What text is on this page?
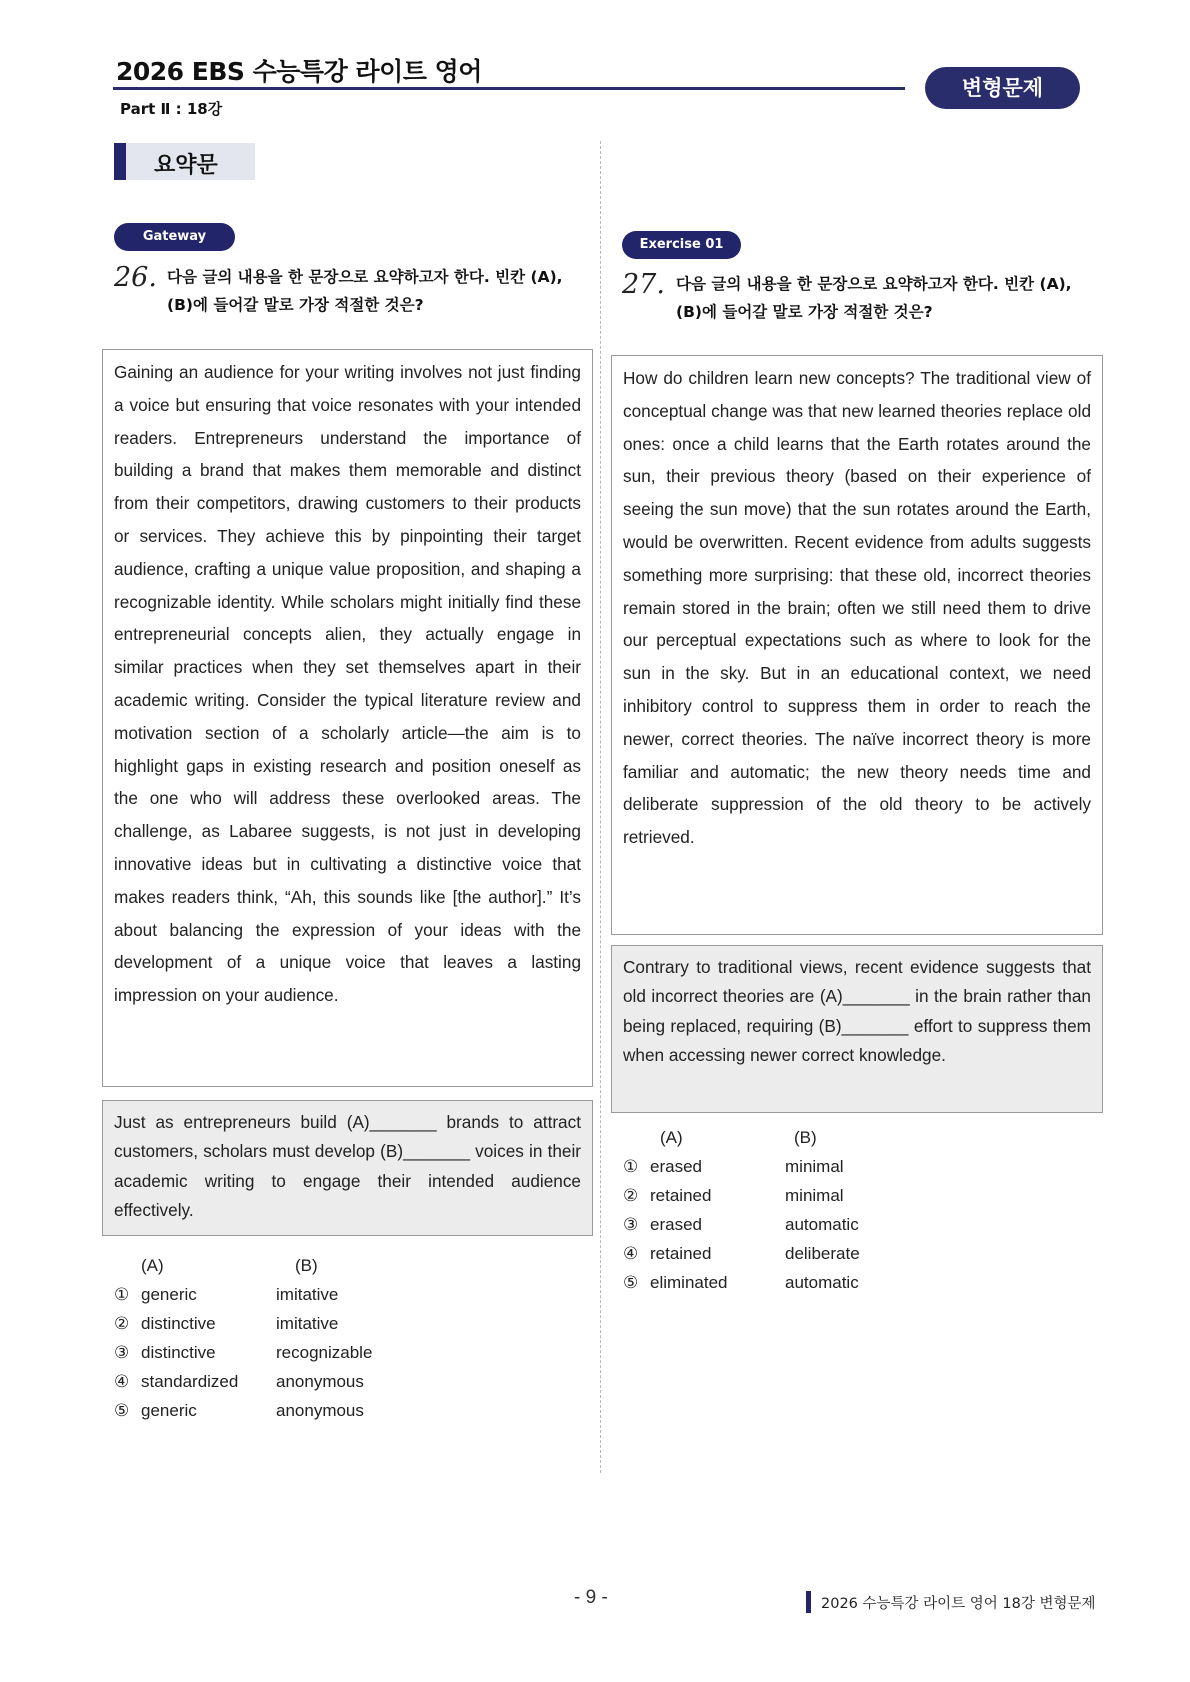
2026 EBS 수능특강 라이트 영어
변형문제
Part Ⅱ : 18강
요약문
Gateway
26. 다음 글의 내용을 한 문장으로 요약하고자 한다. 빈칸 (A),
(B)에 들어갈 말로 가장 적절한 것은?
Gaining an audience for your writing involves not just finding a voice but ensuring that voice resonates with your intended readers. Entrepreneurs understand the importance of building a brand that makes them memorable and distinct from their competitors, drawing customers to their products or services. They achieve this by pinpointing their target audience, crafting a unique value proposition, and shaping a recognizable identity. While scholars might initially find these entrepreneurial concepts alien, they actually engage in similar practices when they set themselves apart in their academic writing. Consider the typical literature review and motivation section of a scholarly article—the aim is to highlight gaps in existing research and position oneself as the one who will address these overlooked areas. The challenge, as Labaree suggests, is not just in developing innovative ideas but in cultivating a distinctive voice that makes readers think, “Ah, this sounds like [the author].” It’s about balancing the expression of your ideas with the development of a unique voice that leaves a lasting impression on your audience.
Just as entrepreneurs build (A)_______ brands to attract customers, scholars must develop (B)_______ voices in their academic writing to engage their intended audience effectively.
(A)	(B)
① generic	imitative
② distinctive	imitative
③ distinctive	recognizable
④ standardized anonymous
⑤ generic	anonymous
Exercise 01
27. 다음 글의 내용을 한 문장으로 요약하고자 한다. 빈칸 (A),
(B)에 들어갈 말로 가장 적절한 것은?
How do children learn new concepts? The traditional view of conceptual change was that new learned theories replace old ones: once a child learns that the Earth rotates around the sun, their previous theory (based on their experience of seeing the sun move) that the sun rotates around the Earth, would be overwritten. Recent evidence from adults suggests something more surprising: that these old, incorrect theories remain stored in the brain; often we still need them to drive our perceptual expectations such as where to look for the sun in the sky. But in an educational context, we need inhibitory control to suppress them in order to reach the newer, correct theories. The naïve incorrect theory is more familiar and automatic; the new theory needs time and deliberate suppression of the old theory to be actively retrieved.
Contrary to traditional views, recent evidence suggests that old incorrect theories are (A)_______ in the brain rather than being replaced, requiring (B)_______ effort to suppress them when accessing newer correct knowledge.
(A)	(B)
① erased	minimal
② retained	minimal
③ erased	automatic
④ retained	deliberate
⑤ eliminated	automatic
- 9 -	2026 수능특강 라이트 영어 18강 변형문제
